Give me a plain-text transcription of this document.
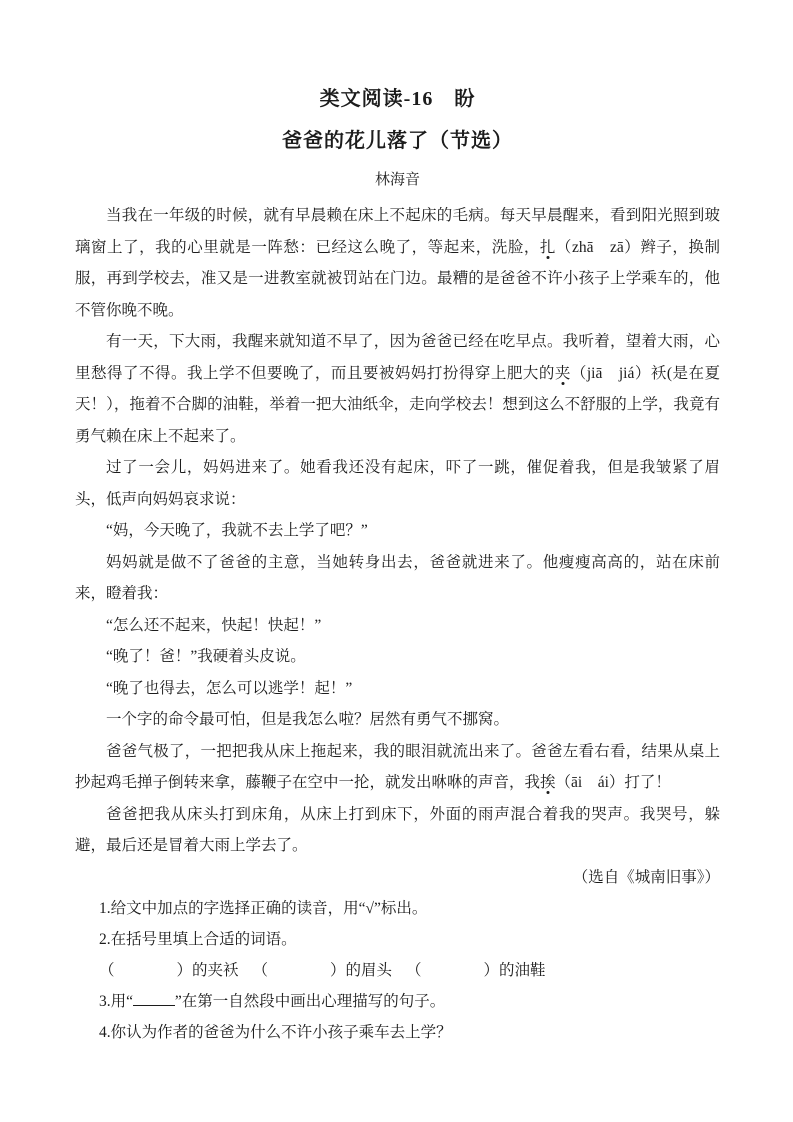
类文阅读-16　盼
爸爸的花儿落了（节选）
林海音

当我在一年级的时候，就有早晨赖在床上不起床的毛病。每天早晨醒来，看到阳光照到玻璃窗上了，我的心里就是一阵愁：已经这么晚了，等起来，洗脸，扎（zhā　zā）辫子，换制服，再到学校去，准又是一进教室就被罚站在门边。最糟的是爸爸不许小孩子上学乘车的，他不管你晚不晚。

有一天，下大雨，我醒来就知道不早了，因为爸爸已经在吃早点。我听着，望着大雨，心里愁得了不得。我上学不但要晚了，而且要被妈妈打扮得穿上肥大的夹（jiā　jiá）袄(是在夏天！），拖着不合脚的油鞋，举着一把大油纸伞，走向学校去！想到这么不舒服的上学，我竟有勇气赖在床上不起来了。

过了一会儿，妈妈进来了。她看我还没有起床，吓了一跳，催促着我，但是我皱紧了眉头，低声向妈妈哀求说：

“妈，今天晚了，我就不去上学了吧？”

妈妈就是做不了爸爸的主意，当她转身出去，爸爸就进来了。他瘦瘦高高的，站在床前来，瞪着我：

“怎么还不起来，快起！快起！”

“晚了！爸！”我硬着头皮说。

“晚了也得去，怎么可以逃学！起！”

一个字的命令最可怕，但是我怎么啦？居然有勇气不挪窝。

爸爸气极了，一把把我从床上拖起来，我的眼泪就流出来了。爸爸左看右看，结果从桌上抄起鸡毛掸子倒转来拿，藤鞭子在空中一抡，就发出咻咻的声音，我挨（āi　ái）打了！

爸爸把我从床头打到床角，从床上打到床下，外面的雨声混合着我的哭声。我哭号，躲避，最后还是冒着大雨上学去了。

（选自《城南旧事》）

1.给文中加点的字选择正确的读音，用“√”标出。

2.在括号里填上合适的词语。

（　　　　）的夹袄 （　　　　）的眉头 （　　　　）的油鞋

3.用“	”在第一自然段中画出心理描写的句子。

4.你认为作者的爸爸为什么不许小孩子乘车去上学？
